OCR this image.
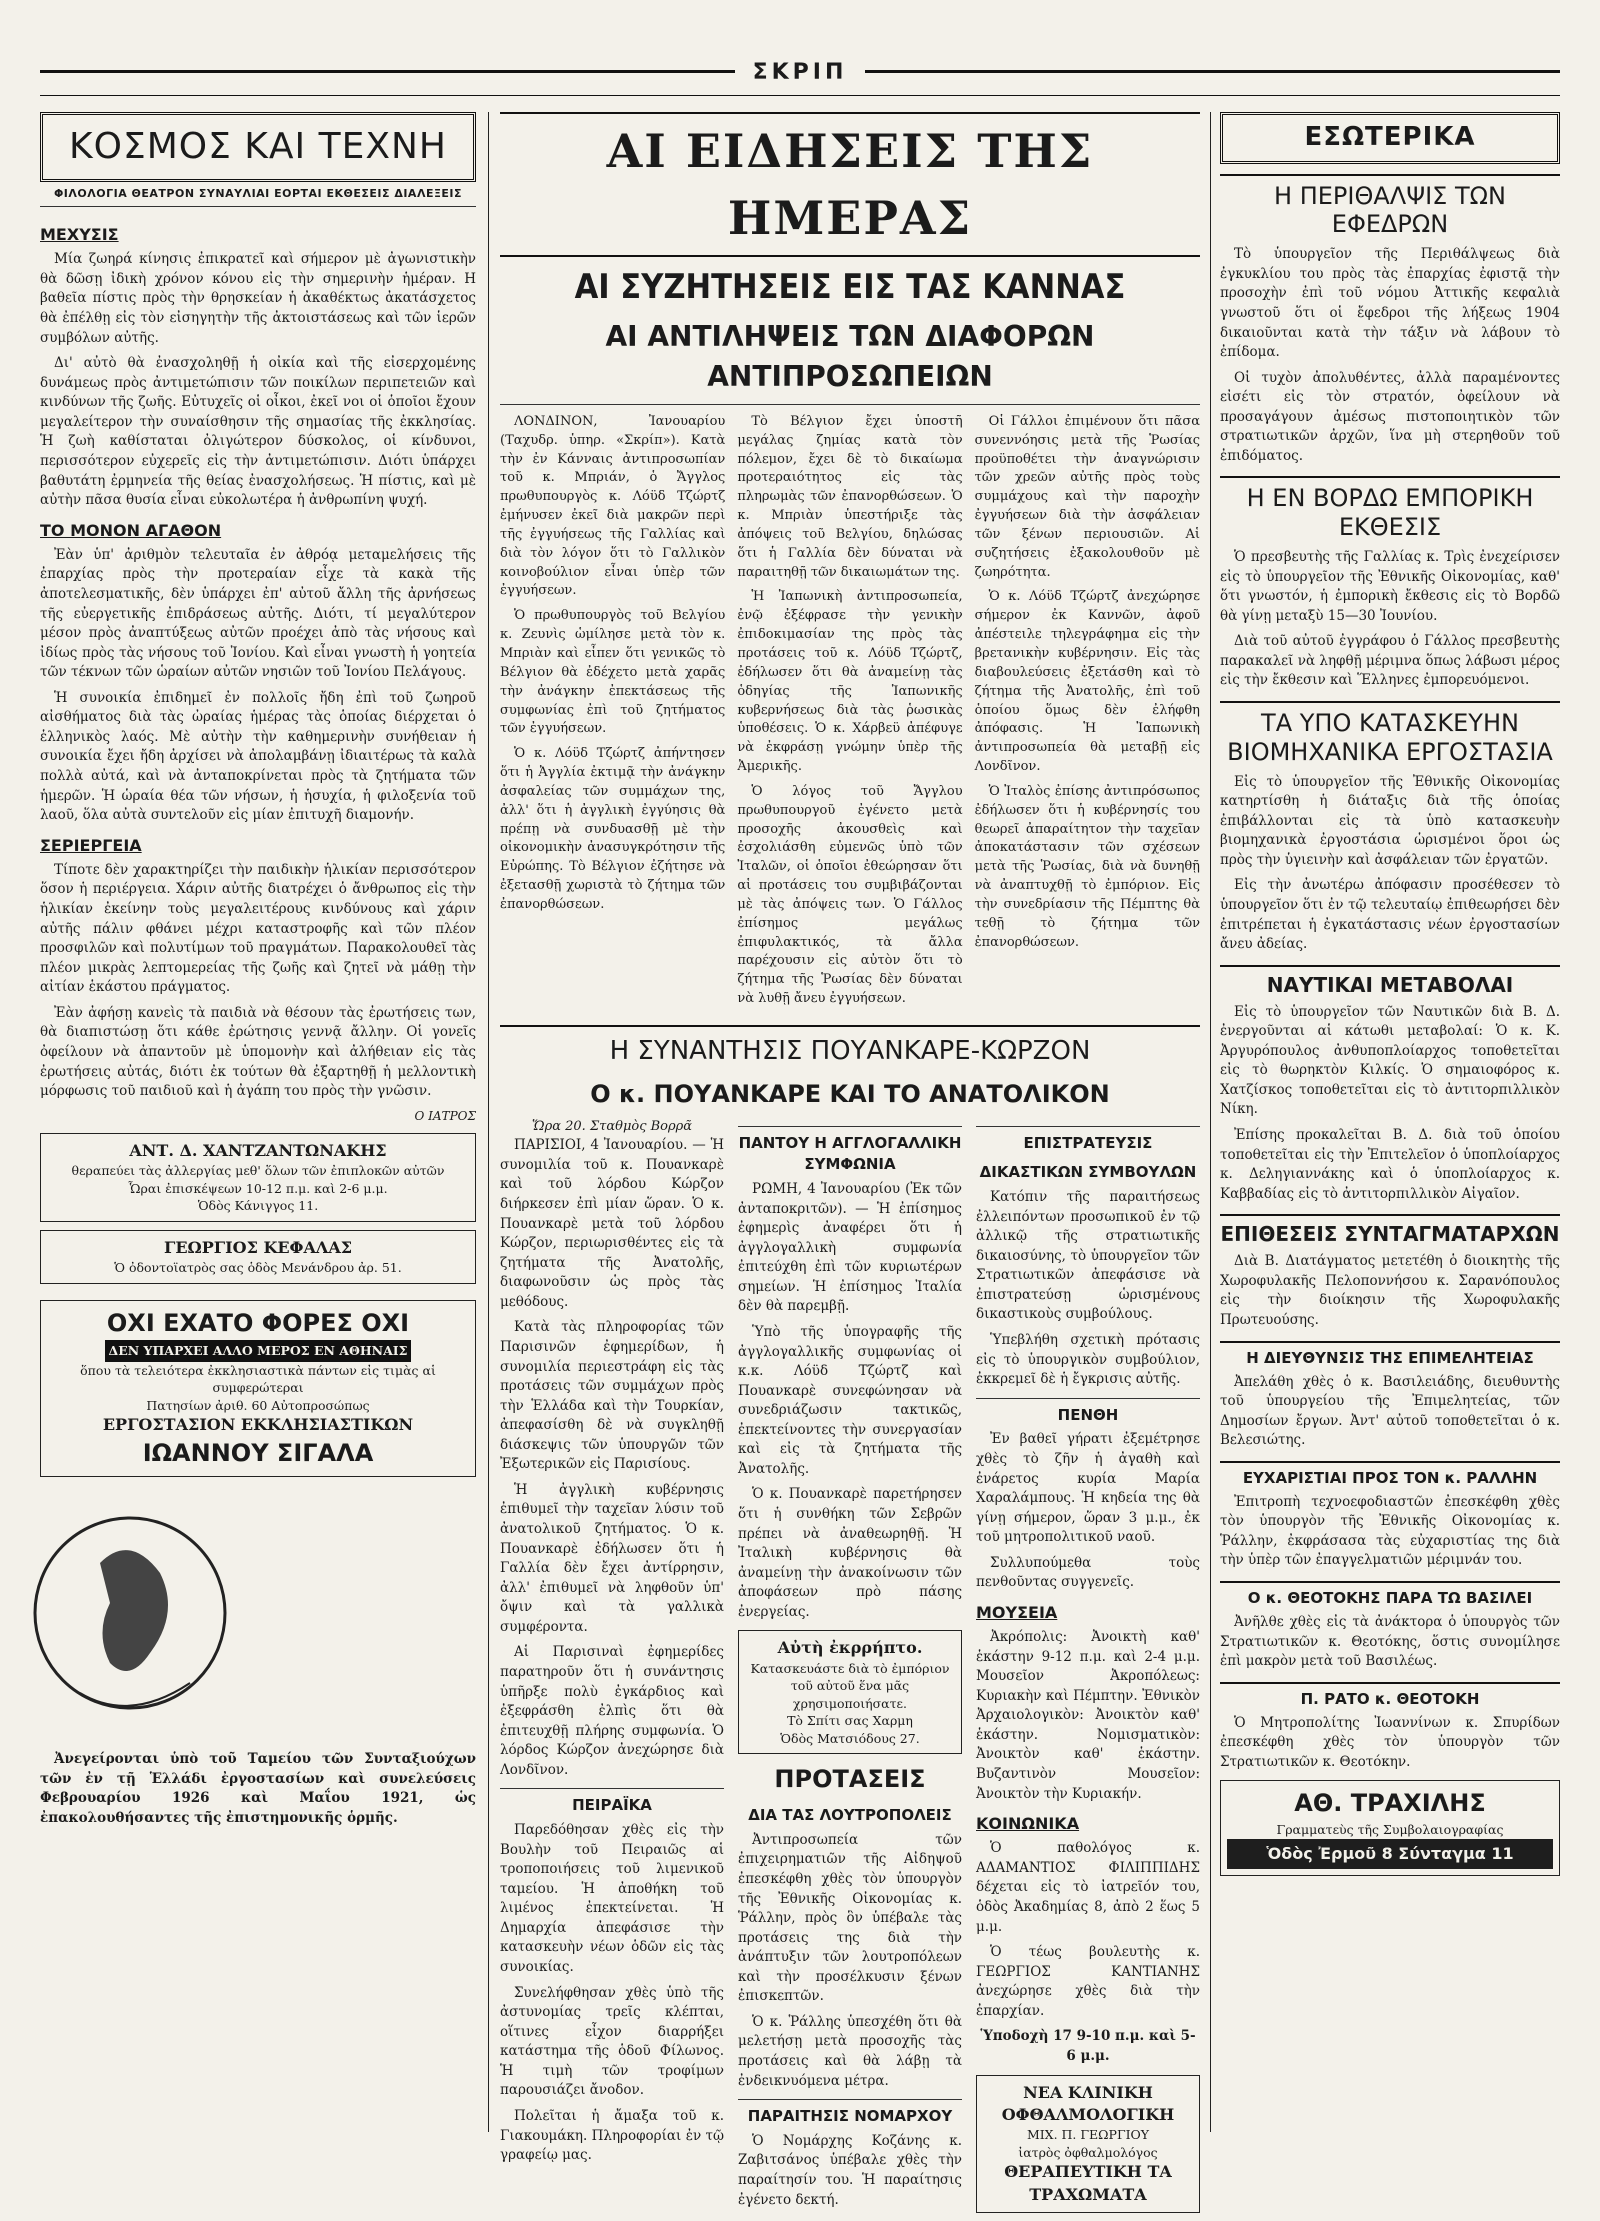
ΣΚΡΙΠ
ΚΟΣΜΟΣ ΚΑΙ ΤΕΧΝΗ
ΦΙΛΟΛΟΓΙΑ ΘΕΑΤΡΟΝ ΣΥΝΑΥΛΙΑΙ ΕΟΡΤΑΙ ΕΚΘΕΣΕΙΣ ΔΙΑΛΕΞΕΙΣ
ΜΕΧΥΣΙΣ

Μία ζωηρά κίνησις ἐπικρατεῖ καὶ σήμερον μὲ ἀγωνιστικὴν θὰ δῶσῃ ἰδικὴ χρόνον κόνου εἰς τὴν σημερινὴν ἡμέραν. Η βαθεῖα πίστις πρὸς τὴν θρησκείαν ἡ ἀκαθέκτως ἀκατάσχετος θὰ ἐπέλθῃ εἰς τὸν εἰσηγητὴν τῆς ἀκτοιστάσεως καὶ τῶν ἱερῶν συμβόλων αὐτῆς.

Δι' αὐτὸ θὰ ἐνασχοληθῇ ἡ οἰκία καὶ τῆς εἰσερχομένης δυνάμεως πρὸς ἀντιμετώπισιν τῶν ποικίλων περιπετειῶν καὶ κινδύνων τῆς ζωῆς. Εὐτυχεῖς οἱ οἶκοι, ἐκεῖ νοι οἱ ὁποῖοι ἔχουν μεγαλείτερον τὴν συναίσθησιν τῆς σημασίας τῆς ἐκκλησίας. Ἡ ζωὴ καθίσταται ὀλιγώτερον δύσκολος, οἱ κίνδυνοι, περισσότερον εὐχερεῖς εἰς τὴν ἀντιμετώπισιν. Διότι ὑπάρχει βαθυτάτη ἐρμηνεία τῆς θείας ἐνασχολήσεως. Ἡ πίστις, καὶ μὲ αὐτὴν πᾶσα θυσία εἶναι εὐκολωτέρα ἡ ἀνθρωπίνη ψυχή.

ΤΟ ΜΟΝΟΝ ΑΓΑΘΟΝ

Ἐὰν ὑπ' ἀριθμὸν τελευταῖα ἐν ἀθρόᾳ μεταμελήσεις τῆς ἐπαρχίας πρὸς τὴν προτεραίαν εἶχε τὰ κακὰ τῆς ἀποτελεσματικῆς, δὲν ὑπάρχει ἐπ' αὐτοῦ ἄλλη τῆς ἀρνήσεως τῆς εὐεργετικῆς ἐπιδράσεως αὐτῆς. Διότι, τί μεγαλύτερον μέσον πρὸς ἀναπτύξεως αὐτῶν προέχει ἀπὸ τὰς νήσους καὶ ἰδίως πρὸς τὰς νήσους τοῦ Ἰονίου. Καὶ εἶναι γνωστὴ ἡ γοητεία τῶν τέκνων τῶν ὡραίων αὐτῶν νησιῶν τοῦ Ἰονίου Πελάγους.

Ἡ συνοικία ἐπιδημεῖ ἐν πολλοῖς ἤδη ἐπὶ τοῦ ζωηροῦ αἰσθήματος διὰ τὰς ὠραίας ἡμέρας τὰς ὁποίας διέρχεται ὁ ἑλληνικὸς λαός. Μὲ αὐτὴν τὴν καθημερινὴν συνήθειαν ἡ συνοικία ἔχει ἤδη ἀρχίσει νὰ ἀπολαμβάνῃ ἰδιαιτέρως τὰ καλὰ πολλὰ αὐτά, καὶ νὰ ἀνταποκρίνεται πρὸς τὰ ζητήματα τῶν ἡμερῶν. Ἡ ὡραία θέα τῶν νήσων, ἡ ἡσυχία, ἡ φιλοξενία τοῦ λαοῦ, ὅλα αὐτὰ συντελοῦν εἰς μίαν ἐπιτυχῆ διαμονήν.

ΣΕΡΙΕΡΓΕΙΑ

Τίποτε δὲν χαρακτηρίζει τὴν παιδικὴν ἡλικίαν περισσότερον ὅσον ἡ περιέργεια. Χάριν αὐτῆς διατρέχει ὁ ἄνθρωπος εἰς τὴν ἡλικίαν ἐκείνην τοὺς μεγαλειτέρους κινδύνους καὶ χάριν αὐτῆς πάλιν φθάνει μέχρι καταστροφῆς καὶ τῶν πλέον προσφιλῶν καὶ πολυτίμων τοῦ πραγμάτων. Παρακολουθεῖ τὰς πλέον μικρὰς λεπτομερείας τῆς ζωῆς καὶ ζητεῖ νὰ μάθῃ τὴν αἰτίαν ἑκάστου πράγματος.

Ἐὰν ἀφήσῃ κανεὶς τὰ παιδιὰ νὰ θέσουν τὰς ἐρωτήσεις των, θὰ διαπιστώσῃ ὅτι κάθε ἐρώτησις γεννᾷ ἄλλην. Οἱ γονεῖς ὀφείλουν νὰ ἀπαντοῦν μὲ ὑπομονὴν καὶ ἀλήθειαν εἰς τὰς ἐρωτήσεις αὐτάς, διότι ἐκ τούτων θὰ ἐξαρτηθῇ ἡ μελλοντικὴ μόρφωσις τοῦ παιδιοῦ καὶ ἡ ἀγάπη του πρὸς τὴν γνῶσιν.

Ο ΙΑΤΡΟΣ
ΑΝΤ. Δ. ΧΑΝΤΖΑΝΤΩΝΑΚΗΣ
θεραπεύει τὰς ἀλλεργίας μεθ' ὅλων τῶν ἐπιπλοκῶν αὐτῶν
Ὧραι ἐπισκέψεων 10-12 π.μ. καὶ 2-6 μ.μ.
Ὁδὸς Κάνιγγος 11.
ΓΕΩΡΓΙΟΣ ΚΕΦΑΛΑΣ
Ὁ ὀδοντοϊατρὸς σας ὁδὸς Μενάνδρου ἀρ. 51.
ΟΧΙ ΕΧΑΤΟ ΦΟΡΕΣ ΟΧΙ
ΔΕΝ ΥΠΑΡΧΕΙ ΑΛΛΟ ΜΕΡΟΣ ΕΝ ΑΘΗΝΑΙΣ
ὅπου τὰ τελειότερα ἐκκλησιαστικὰ πάντων εἰς τιμὰς αἱ συμφερώτεραι
Πατησίων ἀριθ. 60 Αὐτοπροσώπως
ΕΡΓΟΣΤΑΣΙΟΝ ΕΚΚΛΗΣΙΑΣΤΙΚΩΝ
ΙΩΑΝΝΟΥ ΣΙΓΑΛΑ

Ἀνεγείρονται ὑπὸ τοῦ Ταμείου τῶν Συνταξιούχων τῶν ἐν τῇ Ἑλλάδι ἐργοστασίων καὶ συνελεύσεις Φεβρουαρίου 1926 καὶ Μαΐου 1921, ὡς ἐπακολουθήσαντες τῆς ἐπιστημονικῆς ὁρμῆς.

ΑΙ ΕΙΔΗΣΕΙΣ ΤΗΣ ΗΜΕΡΑΣ
ΑΙ ΣΥΖΗΤΗΣΕΙΣ ΕΙΣ ΤΑΣ ΚΑΝΝΑΣ
ΑΙ ΑΝΤΙΛΗΨΕΙΣ ΤΩΝ ΔΙΑΦΟΡΩΝ ΑΝΤΙΠΡΟΣΩΠΕΙΩΝ

ΛΟΝΔΙΝΟΝ, Ἰανουαρίου (Ταχυδρ. ὑπηρ. «Σκρίπ»). Κατὰ τὴν ἐν Κάνναις ἀντιπροσωπίαν τοῦ κ. Μπριάν, ὁ Ἄγγλος πρωθυπουργὸς κ. Λόϋδ Τζώρτζ ἐμήνυσεν ἐκεῖ διὰ μακρῶν περὶ τῆς ἐγγυήσεως τῆς Γαλλίας καὶ διὰ τὸν λόγον ὅτι τὸ Γαλλικὸν κοινοβούλιον εἶναι ὑπὲρ τῶν ἐγγυήσεων.

Ὁ πρωθυπουργὸς τοῦ Βελγίου κ. Ζευνὶς ὡμίλησε μετὰ τὸν κ. Μπριὰν καὶ εἶπεν ὅτι γενικῶς τὸ Βέλγιον θὰ ἐδέχετο μετὰ χαρᾶς τὴν ἀνάγκην ἐπεκτάσεως τῆς συμφωνίας ἐπὶ τοῦ ζητήματος τῶν ἐγγυήσεων.

Ὁ κ. Λόϋδ Τζώρτζ ἀπήντησεν ὅτι ἡ Ἀγγλία ἐκτιμᾷ τὴν ἀνάγκην ἀσφαλείας τῶν συμμάχων της, ἀλλ' ὅτι ἡ ἀγγλικὴ ἐγγύησις θὰ πρέπῃ νὰ συνδυασθῇ μὲ τὴν οἰκονομικὴν ἀνασυγκρότησιν τῆς Εὐρώπης. Τὸ Βέλγιον ἐζήτησε νὰ ἐξετασθῇ χωριστὰ τὸ ζήτημα τῶν ἐπανορθώσεων.

Τὸ Βέλγιον ἔχει ὑποστῆ μεγάλας ζημίας κατὰ τὸν πόλεμον, ἔχει δὲ τὸ δικαίωμα προτεραιότητος εἰς τὰς πληρωμὰς τῶν ἐπανορθώσεων. Ὁ κ. Μπριὰν ὑπεστήριξε τὰς ἀπόψεις τοῦ Βελγίου, δηλώσας ὅτι ἡ Γαλλία δὲν δύναται νὰ παραιτηθῇ τῶν δικαιωμάτων της.

Ἡ Ἰαπωνικὴ ἀντιπροσωπεία, ἐνῷ ἐξέφρασε τὴν γενικὴν ἐπιδοκιμασίαν της πρὸς τὰς προτάσεις τοῦ κ. Λόϋδ Τζώρτζ, ἐδήλωσεν ὅτι θὰ ἀναμείνῃ τὰς ὁδηγίας τῆς Ἰαπωνικῆς κυβερνήσεως διὰ τὰς ῥωσικὰς ὑποθέσεις. Ὁ κ. Χάρβεϋ ἀπέφυγε νὰ ἐκφράσῃ γνώμην ὑπὲρ τῆς Ἀμερικῆς.

Ὁ λόγος τοῦ Ἄγγλου πρωθυπουργοῦ ἐγένετο μετὰ προσοχῆς ἀκουσθεὶς καὶ ἐσχολιάσθη εὐμενῶς ὑπὸ τῶν Ἰταλῶν, οἱ ὁποῖοι ἐθεώρησαν ὅτι αἱ προτάσεις του συμβιβάζονται μὲ τὰς ἀπόψεις των. Ὁ Γάλλος ἐπίσημος μεγάλως ἐπιφυλακτικός, τὰ ἄλλα παρέχουσιν εἰς αὐτὸν ὅτι τὸ ζήτημα τῆς Ῥωσίας δὲν δύναται νὰ λυθῇ ἄνευ ἐγγυήσεων.

Οἱ Γάλλοι ἐπιμένουν ὅτι πᾶσα συνεννόησις μετὰ τῆς Ῥωσίας προϋποθέτει τὴν ἀναγνώρισιν τῶν χρεῶν αὐτῆς πρὸς τοὺς συμμάχους καὶ τὴν παροχὴν ἐγγυήσεων διὰ τὴν ἀσφάλειαν τῶν ξένων περιουσιῶν. Αἱ συζητήσεις ἐξακολουθοῦν μὲ ζωηρότητα.

Ὁ κ. Λόϋδ Τζώρτζ ἀνεχώρησε σήμερον ἐκ Καννῶν, ἀφοῦ ἀπέστειλε τηλεγράφημα εἰς τὴν βρετανικὴν κυβέρνησιν. Εἰς τὰς διαβουλεύσεις ἐξετάσθη καὶ τὸ ζήτημα τῆς Ἀνατολῆς, ἐπὶ τοῦ ὁποίου ὅμως δὲν ἐλήφθη ἀπόφασις. Ἡ Ἰαπωνικὴ ἀντιπροσωπεία θὰ μεταβῇ εἰς Λονδῖνον.

Ὁ Ἰταλὸς ἐπίσης ἀντιπρόσωπος ἐδήλωσεν ὅτι ἡ κυβέρνησίς του θεωρεῖ ἀπαραίτητον τὴν ταχεῖαν ἀποκατάστασιν τῶν σχέσεων μετὰ τῆς Ῥωσίας, διὰ νὰ δυνηθῇ νὰ ἀναπτυχθῇ τὸ ἐμπόριον. Εἰς τὴν συνεδρίασιν τῆς Πέμπτης θὰ τεθῇ τὸ ζήτημα τῶν ἐπανορθώσεων.

Η ΣΥΝΑΝΤΗΣΙΣ ΠΟΥΑΝΚΑΡΕ-ΚΩΡΖΟΝ
Ο κ. ΠΟΥΑΝΚΑΡΕ ΚΑΙ ΤΟ ΑΝΑΤΟΛΙΚΟΝ
Ὥρα 20. Σταθμὸς Βορρᾶ

ΠΑΡΙΣΙΟΙ, 4 Ἰανουαρίου. — Ἡ συνομιλία τοῦ κ. Πουανκαρὲ καὶ τοῦ λόρδου Κώρζον διήρκεσεν ἐπὶ μίαν ὥραν. Ὁ κ. Πουανκαρὲ μετὰ τοῦ λόρδου Κώρζον, περιωρισθέντες εἰς τὰ ζητήματα τῆς Ἀνατολῆς, διαφωνοῦσιν ὡς πρὸς τὰς μεθόδους.

Κατὰ τὰς πληροφορίας τῶν Παρισινῶν ἐφημερίδων, ἡ συνομιλία περιεστράφη εἰς τὰς προτάσεις τῶν συμμάχων πρὸς τὴν Ἑλλάδα καὶ τὴν Τουρκίαν, ἀπεφασίσθη δὲ νὰ συγκληθῇ διάσκεψις τῶν ὑπουργῶν τῶν Ἐξωτερικῶν εἰς Παρισίους.

Ἡ ἀγγλικὴ κυβέρνησις ἐπιθυμεῖ τὴν ταχεῖαν λύσιν τοῦ ἀνατολικοῦ ζητήματος. Ὁ κ. Πουανκαρὲ ἐδήλωσεν ὅτι ἡ Γαλλία δὲν ἔχει ἀντίρρησιν, ἀλλ' ἐπιθυμεῖ νὰ ληφθοῦν ὑπ' ὄψιν καὶ τὰ γαλλικὰ συμφέροντα.

Αἱ Παρισιναὶ ἐφημερίδες παρατηροῦν ὅτι ἡ συνάντησις ὑπῆρξε πολὺ ἐγκάρδιος καὶ ἐξεφράσθη ἐλπὶς ὅτι θὰ ἐπιτευχθῇ πλήρης συμφωνία. Ὁ λόρδος Κώρζον ἀνεχώρησε διὰ Λονδῖνον.

ΠΕΙΡΑΪΚΑ

Παρεδόθησαν χθὲς εἰς τὴν Βουλὴν τοῦ Πειραιῶς αἱ τροποποιήσεις τοῦ λιμενικοῦ ταμείου. Ἡ ἀποθήκη τοῦ λιμένος ἐπεκτείνεται. Ἡ Δημαρχία ἀπεφάσισε τὴν κατασκευὴν νέων ὁδῶν εἰς τὰς συνοικίας.

Συνελήφθησαν χθὲς ὑπὸ τῆς ἀστυνομίας τρεῖς κλέπται, οἵτινες εἶχον διαρρήξει κατάστημα τῆς ὁδοῦ Φίλωνος. Ἡ τιμὴ τῶν τροφίμων παρουσιάζει ἄνοδον.

Πολεῖται ἡ ἄμαξα τοῦ κ. Γιακουμάκη. Πληροφορίαι ἐν τῷ γραφείῳ μας.

ΠΑΝΤΟΥ Η ΑΓΓΛΟΓΑΛΛΙΚΗ ΣΥΜΦΩΝΙΑ

ΡΩΜΗ, 4 Ἰανουαρίου (Ἐκ τῶν ἀνταποκριτῶν). — Ἡ ἐπίσημος ἐφημερὶς ἀναφέρει ὅτι ἡ ἀγγλογαλλικὴ συμφωνία ἐπιτεύχθη ἐπὶ τῶν κυριωτέρων σημείων. Ἡ ἐπίσημος Ἰταλία δὲν θὰ παρεμβῇ.

Ὑπὸ τῆς ὑπογραφῆς τῆς ἀγγλογαλλικῆς συμφωνίας οἱ κ.κ. Λόϋδ Τζώρτζ καὶ Πουανκαρὲ συνεφώνησαν νὰ συνεδριάζωσιν τακτικῶς, ἐπεκτείνοντες τὴν συνεργασίαν καὶ εἰς τὰ ζητήματα τῆς Ἀνατολῆς.

Ὁ κ. Πουανκαρὲ παρετήρησεν ὅτι ἡ συνθήκη τῶν Σεβρῶν πρέπει νὰ ἀναθεωρηθῇ. Ἡ Ἰταλικὴ κυβέρνησις θὰ ἀναμείνῃ τὴν ἀνακοίνωσιν τῶν ἀποφάσεων πρὸ πάσης ἐνεργείας.

Αὐτὴ ἐκρρήπτο.
Κατασκευάστε διὰ τὸ ἐμπόριον τοῦ αὐτοῦ ἕνα μᾶς χρησιμοποιήσατε.
Τὸ Σπίτι σας Χαρμη
Ὁδὸς Ματσιόδους 27.
ΠΡΟΤΑΣΕΙΣ
ΔΙΑ ΤΑΣ ΛΟΥΤΡΟΠΟΛΕΙΣ

Ἀντιπροσωπεία τῶν ἐπιχειρηματιῶν τῆς Αἰδηψοῦ ἐπεσκέφθη χθὲς τὸν ὑπουργὸν τῆς Ἐθνικῆς Οἰκονομίας κ. Ῥάλλην, πρὸς ὃν ὑπέβαλε τὰς προτάσεις της διὰ τὴν ἀνάπτυξιν τῶν λουτροπόλεων καὶ τὴν προσέλκυσιν ξένων ἐπισκεπτῶν.

Ὁ κ. Ῥάλλης ὑπεσχέθη ὅτι θὰ μελετήσῃ μετὰ προσοχῆς τὰς προτάσεις καὶ θὰ λάβῃ τὰ ἐνδεικνυόμενα μέτρα.

ΠΑΡΑΙΤΗΣΙΣ ΝΟΜΑΡΧΟΥ

Ὁ Νομάρχης Κοζάνης κ. Ζαβιτσάνος ὑπέβαλε χθὲς τὴν παραίτησίν του. Ἡ παραίτησις ἐγένετο δεκτή.

ΕΠΙΣΤΡΑΤΕΥΣΙΣ
ΔΙΚΑΣΤΙΚΩΝ ΣΥΜΒΟΥΛΩΝ

Κατόπιν τῆς παραιτήσεως ἐλλειπόντων προσωπικοῦ ἐν τῷ ἀλλικῷ τῆς στρατιωτικῆς δικαιοσύνης, τὸ ὑπουργεῖον τῶν Στρατιωτικῶν ἀπεφάσισε νὰ ἐπιστρατεύσῃ ὡρισμένους δικαστικοὺς συμβούλους.

Ὑπεβλήθη σχετικὴ πρότασις εἰς τὸ ὑπουργικὸν συμβούλιον, ἐκκρεμεῖ δὲ ἡ ἔγκρισις αὐτῆς.

ΠΕΝΘΗ

Ἐν βαθεῖ γήρατι ἐξεμέτρησε χθὲς τὸ ζῆν ἡ ἀγαθὴ καὶ ἐνάρετος κυρία Μαρία Χαραλάμπους. Ἡ κηδεία της θὰ γίνῃ σήμερον, ὥραν 3 μ.μ., ἐκ τοῦ μητροπολιτικοῦ ναοῦ.

Συλλυπούμεθα τοὺς πενθοῦντας συγγενεῖς.

ΜΟΥΣΕΙΑ

Ἀκρόπολις: Ἀνοικτὴ καθ' ἑκάστην 9-12 π.μ. καὶ 2-4 μ.μ. Μουσεῖον Ἀκροπόλεως: Κυριακὴν καὶ Πέμπτην. Ἐθνικὸν Ἀρχαιολογικὸν: Ἀνοικτὸν καθ' ἑκάστην. Νομισματικὸν: Ἀνοικτὸν καθ' ἑκάστην. Βυζαντινὸν Μουσεῖον: Ἀνοικτὸν τὴν Κυριακήν.

ΚΟΙΝΩΝΙΚΑ

Ὁ παθολόγος κ. ΑΔΑΜΑΝΤΙΟΣ ΦΙΛΙΠΠΙΔΗΣ δέχεται εἰς τὸ ἰατρεῖόν του, ὁδὸς Ἀκαδημίας 8, ἀπὸ 2 ἕως 5 μ.μ.

Ὁ τέως βουλευτὴς κ. ΓΕΩΡΓΙΟΣ ΚΑΝΤΙΑΝΗΣ ἀνεχώρησε χθὲς διὰ τὴν ἐπαρχίαν.

Ὑποδοχὴ 17 9-10 π.μ. καὶ 5-6 μ.μ.
ΝΕΑ ΚΛΙΝΙΚΗ ΟΦΘΑΛΜΟΛΟΓΙΚΗ
ΜΙΧ. Π. ΓΕΩΡΓΙΟΥ
ἰατρὸς ὀφθαλμολόγος
ΘΕΡΑΠΕΥΤΙΚΗ ΤΑ ΤΡΑΧΩΜΑΤΑ
ΕΣΩΤΕΡΙΚΑ
Η ΠΕΡΙΘΑΛΨΙΣ ΤΩΝ ΕΦΕΔΡΩΝ

Τὸ ὑπουργεῖον τῆς Περιθάλψεως διὰ ἐγκυκλίου του πρὸς τὰς ἐπαρχίας ἐφιστᾷ τὴν προσοχὴν ἐπὶ τοῦ νόμου Ἀττικῆς κεφαλιὰ γνωστοῦ ὅτι οἱ ἔφεδροι τῆς λήξεως 1904 δικαιοῦνται κατὰ τὴν τάξιν νὰ λάβουν τὸ ἐπίδομα.

Οἱ τυχὸν ἀπολυθέντες, ἀλλὰ παραμένοντες εἰσέτι εἰς τὸν στρατόν, ὀφείλουν νὰ προσαγάγουν ἀμέσως πιστοποιητικὸν τῶν στρατιωτικῶν ἀρχῶν, ἵνα μὴ στερηθοῦν τοῦ ἐπιδόματος.

Η ΕΝ ΒΟΡΔΩ ΕΜΠΟΡΙΚΗ ΕΚΘΕΣΙΣ

Ὁ πρεσβευτὴς τῆς Γαλλίας κ. Τρὶς ἐνεχείρισεν εἰς τὸ ὑπουργεῖον τῆς Ἐθνικῆς Οἰκονομίας, καθ' ὅτι γνωστόν, ἡ ἐμπορικὴ ἔκθεσις εἰς τὸ Βορδῶ θὰ γίνῃ μεταξὺ 15—30 Ἰουνίου.

Διὰ τοῦ αὐτοῦ ἐγγράφου ὁ Γάλλος πρεσβευτὴς παρακαλεῖ νὰ ληφθῇ μέριμνα ὅπως λάβωσι μέρος εἰς τὴν ἔκθεσιν καὶ Ἕλληνες ἐμπορευόμενοι.

ΤΑ ΥΠΟ ΚΑΤΑΣΚΕΥΗΝ ΒΙΟΜΗΧΑΝΙΚΑ ΕΡΓΟΣΤΑΣΙΑ

Εἰς τὸ ὑπουργεῖον τῆς Ἐθνικῆς Οἰκονομίας κατηρτίσθη ἡ διάταξις διὰ τῆς ὁποίας ἐπιβάλλονται εἰς τὰ ὑπὸ κατασκευὴν βιομηχανικὰ ἐργοστάσια ὡρισμένοι ὅροι ὡς πρὸς τὴν ὑγιεινὴν καὶ ἀσφάλειαν τῶν ἐργατῶν.

Εἰς τὴν ἀνωτέρω ἀπόφασιν προσέθεσεν τὸ ὑπουργεῖον ὅτι ἐν τῷ τελευταίῳ ἐπιθεωρήσει δὲν ἐπιτρέπεται ἡ ἐγκατάστασις νέων ἐργοστασίων ἄνευ ἀδείας.

ΝΑΥΤΙΚΑΙ ΜΕΤΑΒΟΛΑΙ

Εἰς τὸ ὑπουργεῖον τῶν Ναυτικῶν διὰ Β. Δ. ἐνεργοῦνται αἱ κάτωθι μεταβολαί: Ὁ κ. Κ. Ἀργυρόπουλος ἀνθυποπλοίαρχος τοποθετεῖται εἰς τὸ θωρηκτὸν Κιλκίς. Ὁ σημαιοφόρος κ. Χατζίσκος τοποθετεῖται εἰς τὸ ἀντιτορπιλλικὸν Νίκη.

Ἐπίσης προκαλεῖται Β. Δ. διὰ τοῦ ὁποίου τοποθετεῖται εἰς τὴν Ἐπιτελεῖον ὁ ὑποπλοίαρχος κ. Δεληγιαννάκης καὶ ὁ ὑποπλοίαρχος κ. Καββαδίας εἰς τὸ ἀντιτορπιλλικὸν Αἰγαῖον.

ΕΠΙΘΕΣΕΙΣ ΣΥΝΤΑΓΜΑΤΑΡΧΩΝ

Διὰ Β. Διατάγματος μετετέθη ὁ διοικητὴς τῆς Χωροφυλακῆς Πελοποννήσου κ. Σαρανόπουλος εἰς τὴν διοίκησιν τῆς Χωροφυλακῆς Πρωτευούσης.

Η ΔΙΕΥΘΥΝΣΙΣ ΤΗΣ ΕΠΙΜΕΛΗΤΕΙΑΣ

Ἀπελάθη χθὲς ὁ κ. Βασιλειάδης, διευθυντὴς τοῦ ὑπουργείου τῆς Ἐπιμελητείας, τῶν Δημοσίων ἔργων. Ἀντ' αὐτοῦ τοποθετεῖται ὁ κ. Βελεσιώτης.

ΕΥΧΑΡΙΣΤΙΑΙ ΠΡΟΣ ΤΟΝ κ. ΡΑΛΛΗΝ

Ἐπιτροπὴ τεχνοεφοδιαστῶν ἐπεσκέφθη χθὲς τὸν ὑπουργὸν τῆς Ἐθνικῆς Οἰκονομίας κ. Ῥάλλην, ἐκφράσασα τὰς εὐχαριστίας της διὰ τὴν ὑπὲρ τῶν ἐπαγγελματιῶν μέριμνάν του.

Ο κ. ΘΕΟΤΟΚΗΣ ΠΑΡΑ ΤΩ ΒΑΣΙΛΕΙ

Ἀνῆλθε χθὲς εἰς τὰ ἀνάκτορα ὁ ὑπουργὸς τῶν Στρατιωτικῶν κ. Θεοτόκης, ὅστις συνομίλησε ἐπὶ μακρὸν μετὰ τοῦ Βασιλέως.

Π. ΡΑΤΟ κ. ΘΕΟΤΟΚΗ

Ὁ Μητροπολίτης Ἰωαννίνων κ. Σπυρίδων ἐπεσκέφθη χθὲς τὸν ὑπουργὸν τῶν Στρατιωτικῶν κ. Θεοτόκην.

ΑΘ. ΤΡΑΧΙΛΗΣ
Γραμματεὺς τῆς Συμβολαιογραφίας
Ὁδὸς Ἐρμοῦ 8 Σύνταγμα 11
